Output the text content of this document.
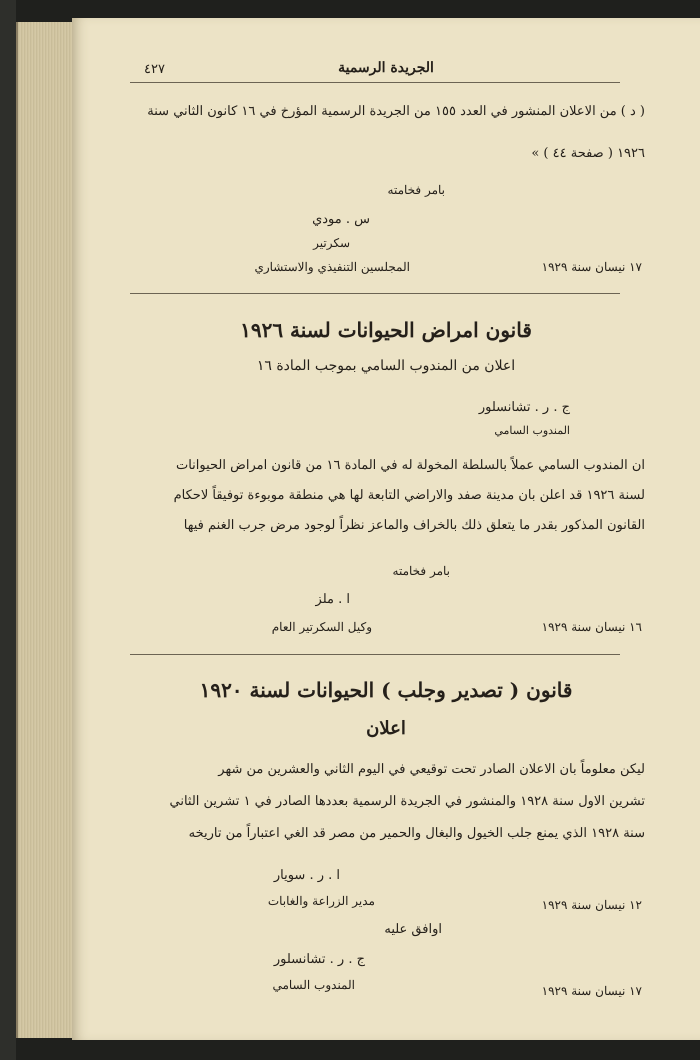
٤٢٧	الجريدة الرسمية
( د ) من الاعلان المنشور في العدد ١٥٥ من الجريدة الرسمية المؤرخ في ١٦ كانون الثاني سنة
١٩٢٦ ( صفحة ٤٤ ) »
بامر فخامته
س . مودي
سكرتير
المجلسين التنفيذي والاستشاري	١٧ نيسان سنة ١٩٢٩
قانون امراض الحيوانات لسنة ١٩٢٦
اعلان من المندوب السامي بموجب المادة ١٦
ج . ر . تشانسلور
المندوب السامي
ان المندوب السامي عملاً بالسلطة المخولة له في المادة ١٦ من قانون امراض الحيوانات
لسنة ١٩٢٦ قد اعلن بان مدينة صفد والاراضي التابعة لها هي منطقة موبوءة توفيقاً لاحكام
القانون المذكور بقدر ما يتعلق ذلك بالخراف والماعز نظراً لوجود مرض جرب الغنم فيها
بامر فخامته
ا . ملز
وكيل السكرتير العام	١٦ نيسان سنة ١٩٢٩
قانون ( تصدير وجلب ) الحيوانات لسنة ١٩٢٠
اعلان
ليكن معلوماً بان الاعلان الصادر تحت توقيعي في اليوم الثاني والعشرين من شهر
تشرين الاول سنة ١٩٢٨ والمنشور في الجريدة الرسمية بعددها الصادر في ١ تشرين الثاني
سنة ١٩٢٨ الذي يمنع جلب الخيول والبغال والحمير من مصر قد الغي اعتباراً من تاريخه
ا . ر . سويار
مدير الزراعة والغابات	١٢ نيسان سنة ١٩٢٩
اوافق عليه
ج . ر . تشانسلور
المندوب السامي	١٧ نيسان سنة ١٩٢٩
